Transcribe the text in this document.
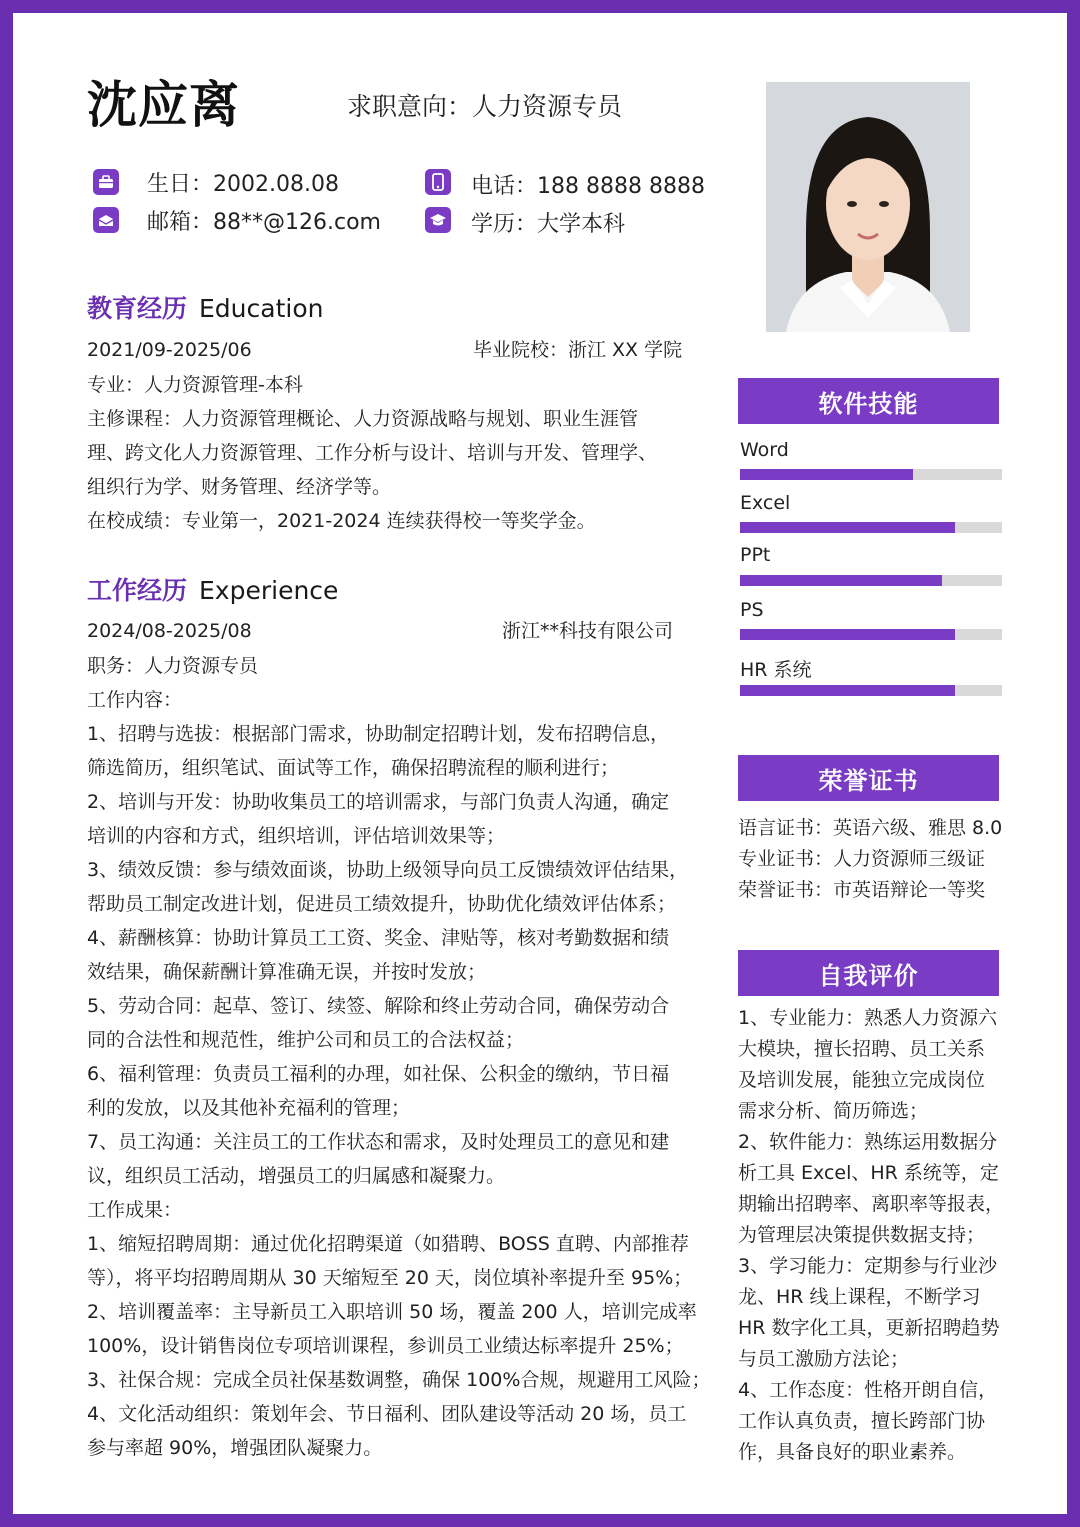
沈应离	求职意向：人力资源专员
生日：2002.08.08	电话：188 8888 8888
邮箱：88**@126.com	学历：大学本科
教育经历 Education
2021/09-2025/06	毕业院校：浙江 XX 学院
专业：人力资源管理-本科
主修课程：人力资源管理概论、人力资源战略与规划、职业生涯管
理、跨文化人力资源管理、工作分析与设计、培训与开发、管理学、
组织行为学、财务管理、经济学等。
在校成绩：专业第一，2021-2024 连续获得校一等奖学金。
工作经历 Experience
2024/08-2025/08	浙江**科技有限公司
职务：人力资源专员
工作内容：
1、招聘与选拔：根据部门需求，协助制定招聘计划，发布招聘信息，
筛选简历，组织笔试、面试等工作，确保招聘流程的顺利进行；
2、培训与开发：协助收集员工的培训需求，与部门负责人沟通，确定
培训的内容和方式，组织培训，评估培训效果等；
3、绩效反馈：参与绩效面谈，协助上级领导向员工反馈绩效评估结果，
帮助员工制定改进计划，促进员工绩效提升，协助优化绩效评估体系；
4、薪酬核算：协助计算员工工资、奖金、津贴等，核对考勤数据和绩
效结果，确保薪酬计算准确无误，并按时发放；
5、劳动合同：起草、签订、续签、解除和终止劳动合同，确保劳动合
同的合法性和规范性，维护公司和员工的合法权益；
6、福利管理：负责员工福利的办理，如社保、公积金的缴纳，节日福
利的发放，以及其他补充福利的管理；
7、员工沟通：关注员工的工作状态和需求，及时处理员工的意见和建
议，组织员工活动，增强员工的归属感和凝聚力。
工作成果：
1、缩短招聘周期：通过优化招聘渠道（如猎聘、BOSS 直聘、内部推荐
等），将平均招聘周期从 30 天缩短至 20 天，岗位填补率提升至 95%；
2、培训覆盖率：主导新员工入职培训 50 场，覆盖 200 人，培训完成率
100%，设计销售岗位专项培训课程，参训员工业绩达标率提升 25%；
3、社保合规：完成全员社保基数调整，确保 100%合规，规避用工风险；
4、文化活动组织：策划年会、节日福利、团队建设等活动 20 场，员工
参与率超 90%，增强团队凝聚力。
软件技能
Word
Excel
PPt
PS
HR 系统
荣誉证书
语言证书：英语六级、雅思 8.0
专业证书：人力资源师三级证
荣誉证书：市英语辩论一等奖
自我评价
1、专业能力：熟悉人力资源六
大模块，擅长招聘、员工关系
及培训发展，能独立完成岗位
需求分析、简历筛选；
2、软件能力：熟练运用数据分
析工具 Excel、HR 系统等，定
期输出招聘率、离职率等报表，
为管理层决策提供数据支持；
3、学习能力：定期参与行业沙
龙、HR 线上课程，不断学习
HR 数字化工具，更新招聘趋势
与员工激励方法论；
4、工作态度：性格开朗自信，
工作认真负责，擅长跨部门协
作，具备良好的职业素养。
